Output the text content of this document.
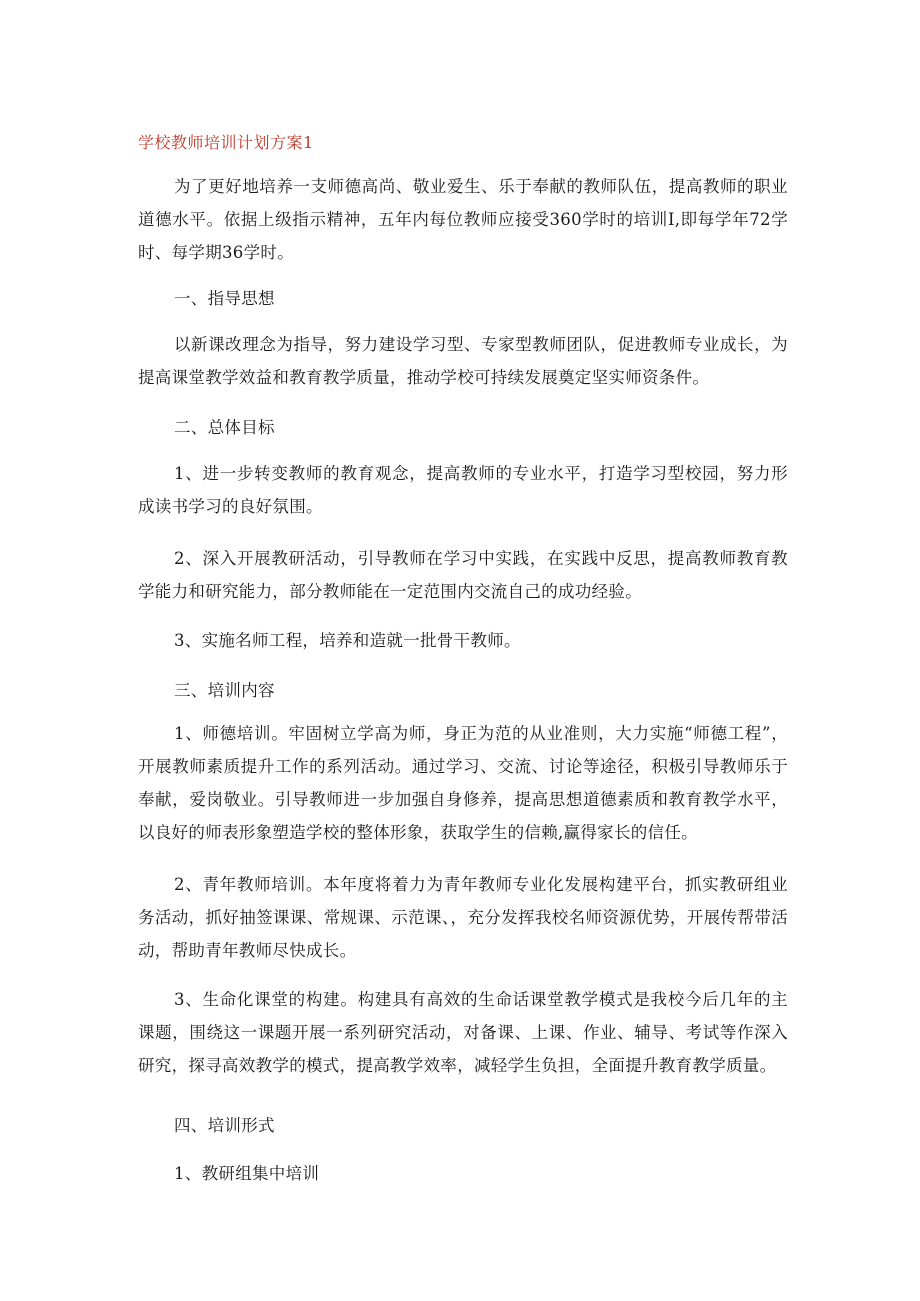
学校教师培训计划方案1

为了更好地培养一支师德高尚、敬业爱生、乐于奉献的教师队伍，提高教师的职业道德水平。依据上级指示精神，五年内每位教师应接受360学时的培训I,即每学年72学时、每学期36学时。

一、指导思想

以新课改理念为指导，努力建设学习型、专家型教师团队，促进教师专业成长，为提高课堂教学效益和教育教学质量，推动学校可持续发展奠定坚实师资条件。

二、总体目标

1、进一步转变教师的教育观念，提高教师的专业水平，打造学习型校园，努力形成读书学习的良好氛围。

2、深入开展教研活动，引导教师在学习中实践，在实践中反思，提高教师教育教学能力和研究能力，部分教师能在一定范围内交流自己的成功经验。

3、实施名师工程，培养和造就一批骨干教师。

三、培训内容

1、师德培训。牢固树立学高为师，身正为范的从业准则，大力实施“师德工程”，开展教师素质提升工作的系列活动。通过学习、交流、讨论等途径，积极引导教师乐于奉献，爱岗敬业。引导教师进一步加强自身修养，提高思想道德素质和教育教学水平，以良好的师表形象塑造学校的整体形象，获取学生的信赖,赢得家长的信任。

2、青年教师培训。本年度将着力为青年教师专业化发展构建平台，抓实教研组业务活动，抓好抽签课课、常规课、示范课、，充分发挥我校名师资源优势，开展传帮带活动，帮助青年教师尽快成长。

3、生命化课堂的构建。构建具有高效的生命话课堂教学模式是我校今后几年的主课题，围绕这一课题开展一系列研究活动，对备课、上课、作业、辅导、考试等作深入研究，探寻高效教学的模式，提高教学效率，减轻学生负担，全面提升教育教学质量。

四、培训形式

1、教研组集中培训
